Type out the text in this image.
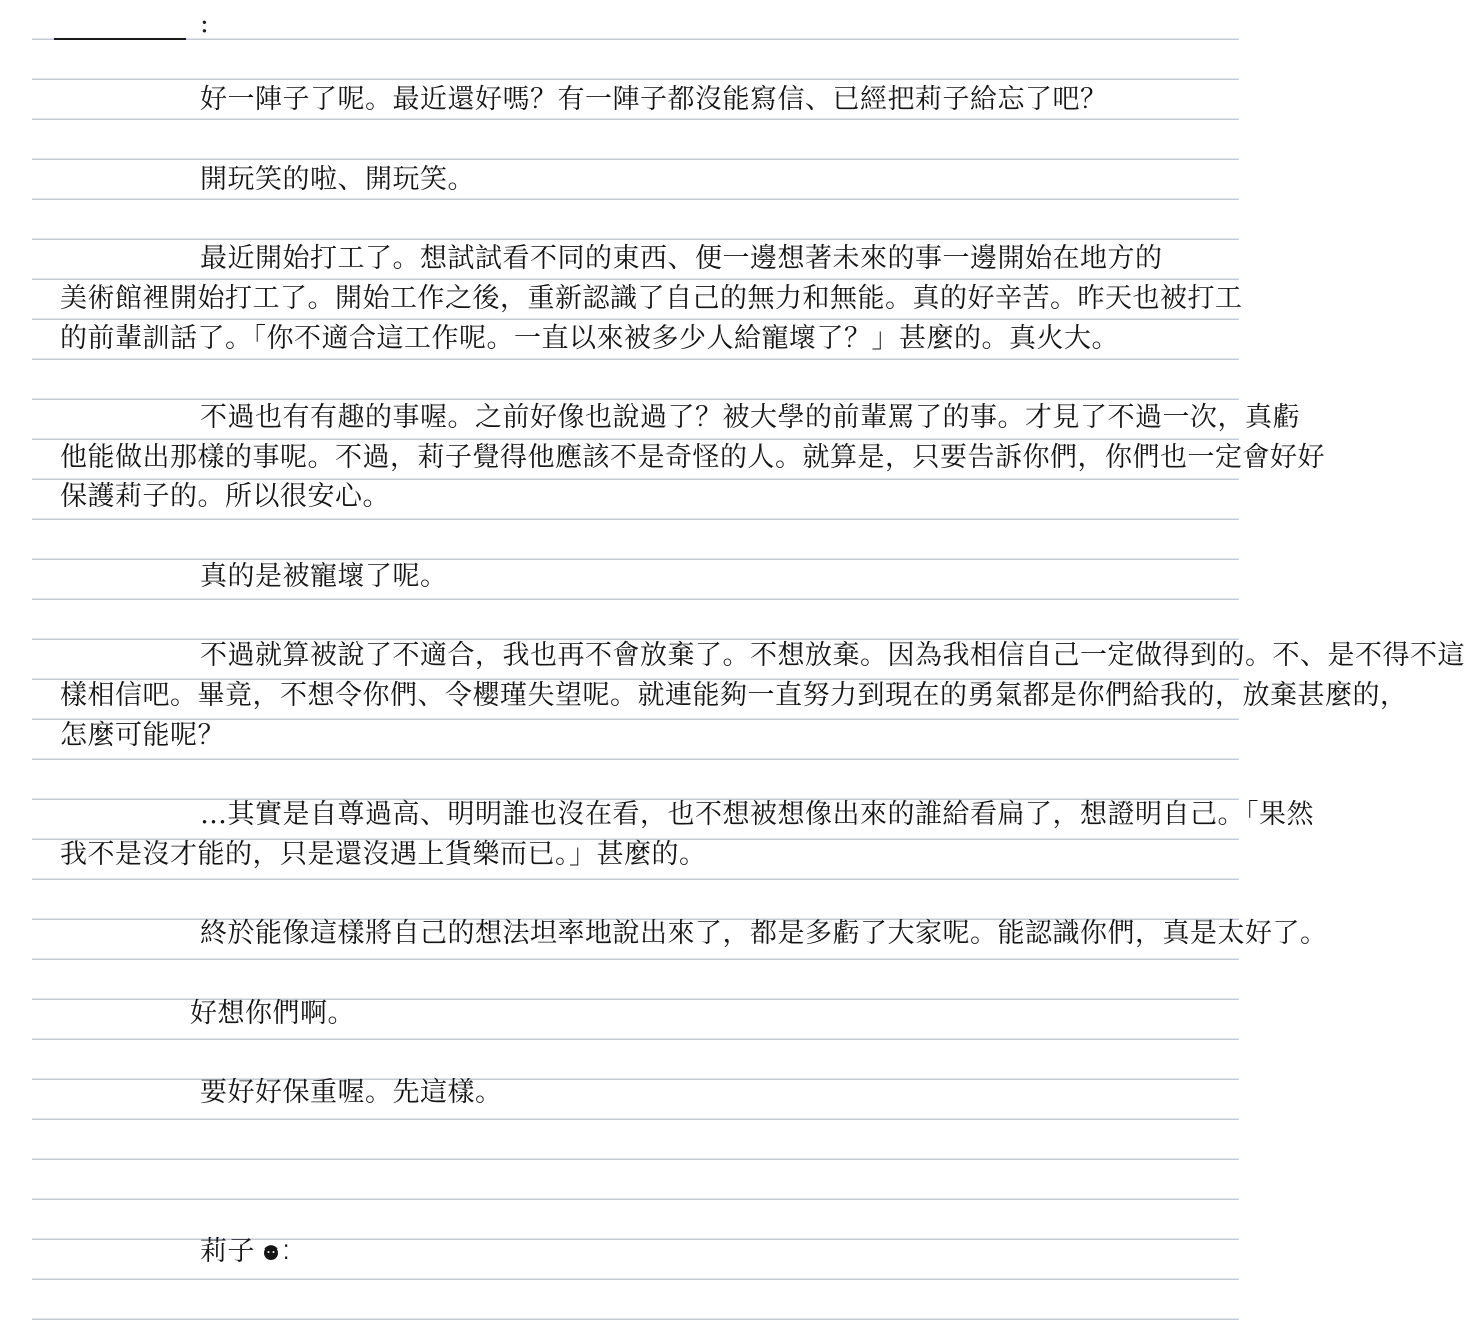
:
好一陣子了呢。最近還好嗎？有一陣子都沒能寫信、已經把莉子給忘了吧？
開玩笑的啦、開玩笑。
最近開始打工了。想試試看不同的東西、便一邊想著未來的事一邊開始在地方的
美術館裡開始打工了。開始工作之後，重新認識了自己的無力和無能。真的好辛苦。昨天也被打工
的前輩訓話了。「你不適合這工作呢。一直以來被多少人給寵壞了？」甚麼的。真火大。
不過也有有趣的事喔。之前好像也說過了？被大學的前輩罵了的事。才見了不過一次，真虧
他能做出那樣的事呢。不過，莉子覺得他應該不是奇怪的人。就算是，只要告訴你們，你們也一定會好好
保護莉子的。所以很安心。
真的是被寵壞了呢。
不過就算被說了不適合，我也再不會放棄了。不想放棄。因為我相信自己一定做得到的。不、是不得不這
樣相信吧。畢竟，不想令你們、令櫻瑾失望呢。就連能夠一直努力到現在的勇氣都是你們給我的，放棄甚麼的，
怎麼可能呢？
…其實是自尊過高、明明誰也沒在看，也不想被想像出來的誰給看扁了，想證明自己。「果然
我不是沒才能的，只是還沒遇上貨樂而已。」甚麼的。
終於能像這樣將自己的想法坦率地說出來了，都是多虧了大家呢。能認識你們，真是太好了。
好想你們啊。
要好好保重喔。先這樣。
莉子 ⁚
